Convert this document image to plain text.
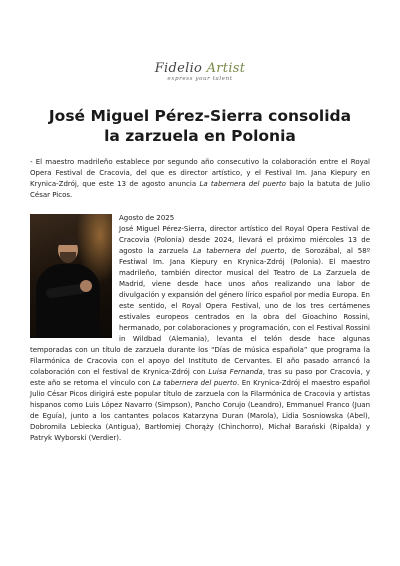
Fidelio Artist
express your talent
José Miguel Pérez-Sierra consolida
la zarzuela en Polonia

- El maestro madrileño establece por segundo año consecutivo la colaboración entre el Royal Opera Festival de Cracovia, del que es director artístico, y el Festival Im. Jana Kiepury en Krynica-Zdrój, que este 13 de agosto anuncia La tabernera del puerto bajo la batuta de Julio César Picos.

Agosto de 2025

José Miguel Pérez-Sierra, director artístico del Royal Opera Festival de Cracovia (Polonia) desde 2024, llevará el próximo miércoles 13 de agosto la zarzuela La tabernera del puerto, de Sorozábal, al 58º Festiwal Im. Jana Kiepury en Krynica-Zdrój (Polonia). El maestro madrileño, también director musical del Teatro de La Zarzuela de Madrid, viene desde hace unos años realizando una labor de divulgación y expansión del género lírico español por media Europa. En este sentido, el Royal Opera Festival, uno de los tres certámenes estivales europeos centrados en la obra del Gioachino Rossini, hermanado, por colaboraciones y programación, con el Festival Rossini in Wildbad (Alemania), levanta el telón desde hace algunas temporadas con un título de zarzuela durante los “Días de música española” que programa la Filarmónica de Cracovia con el apoyo del Instituto de Cervantes. El año pasado arrancó la colaboración con el festival de Krynica-Zdrój con Luisa Fernanda, tras su paso por Cracovia, y este año se retoma el vínculo con La tabernera del puerto. En Krynica-Zdrój el maestro español Julio César Picos dirigirá este popular título de zarzuela con la Filarmónica de Cracovia y artistas hispanos como Luis López Navarro (Simpson), Pancho Corujo (Leandro), Emmanuel Franco (Juan de Eguía), junto a los cantantes polacos Katarzyna Duran (Marola), Lidia Sosniowska (Abel), Dobromila Lebiecka (Antigua), Bartłomiej Chorąży (Chinchorro), Michał Barański (Ripalda) y Patryk Wyborski (Verdier).
